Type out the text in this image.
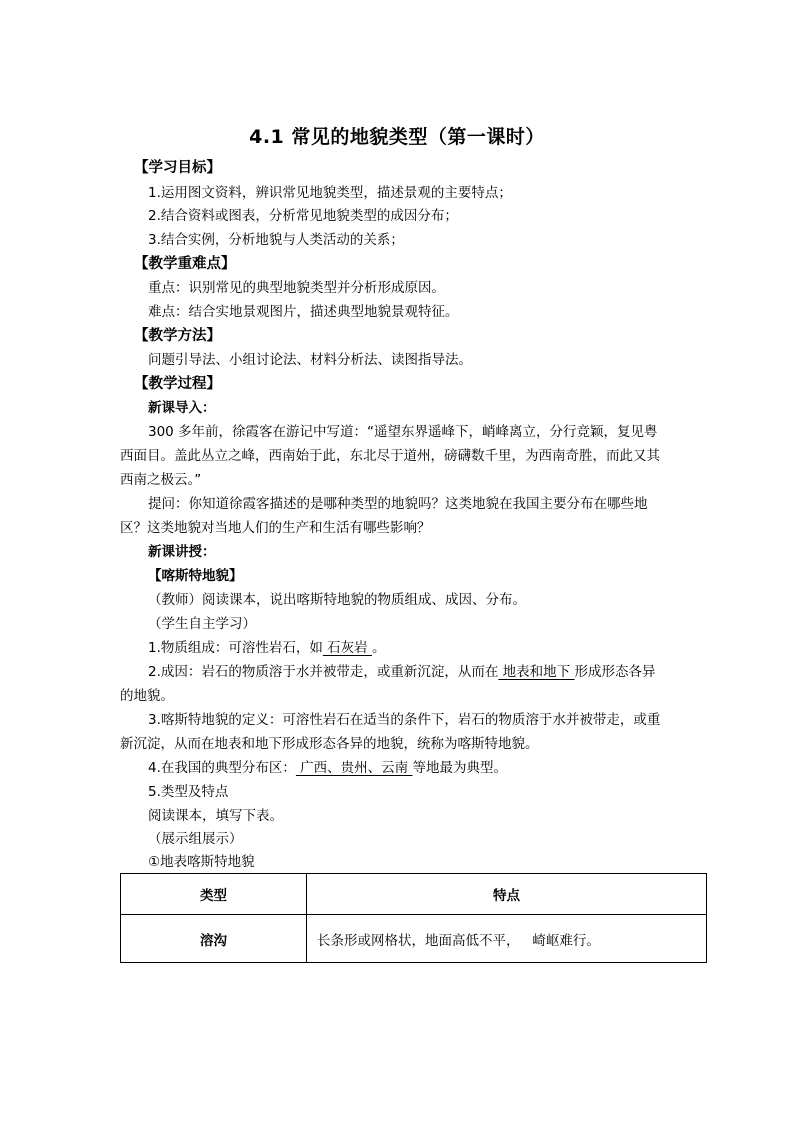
4.1 常见的地貌类型（第一课时）
【学习目标】
1.运用图文资料，辨识常见地貌类型，描述景观的主要特点；
2.结合资料或图表，分析常见地貌类型的成因分布；
3.结合实例，分析地貌与人类活动的关系；
【教学重难点】
重点：识别常见的典型地貌类型并分析形成原因。
难点：结合实地景观图片，描述典型地貌景观特征。
【教学方法】
问题引导法、小组讨论法、材料分析法、读图指导法。
【教学过程】
新课导入：
300 多年前，徐霞客在游记中写道：“遥望东界遥峰下，峭峰离立，分行竞颖，复见粤
西面目。盖此丛立之峰，西南始于此，东北尽于道州，磅礴数千里，为西南奇胜，而此又其
西南之极云。”
提问：你知道徐霞客描述的是哪种类型的地貌吗？这类地貌在我国主要分布在哪些地
区？这类地貌对当地人们的生产和生活有哪些影响？
新课讲授：
【喀斯特地貌】
（教师）阅读课本，说出喀斯特地貌的物质组成、成因、分布。
（学生自主学习）
1.物质组成：可溶性岩石，如 石灰岩 。
2.成因：岩石的物质溶于水并被带走，或重新沉淀，从而在 地表和地下 形成形态各异
的地貌。
3.喀斯特地貌的定义：可溶性岩石在适当的条件下，岩石的物质溶于水并被带走，或重
新沉淀，从而在地表和地下形成形态各异的地貌，统称为喀斯特地貌。
4.在我国的典型分布区： 广西、贵州、云南 等地最为典型。
5.类型及特点
阅读课本，填写下表。
（展示组展示）
①地表喀斯特地貌
类型	特点
溶沟	长条形或网格状，地面高低不平，   崎岖难行。
